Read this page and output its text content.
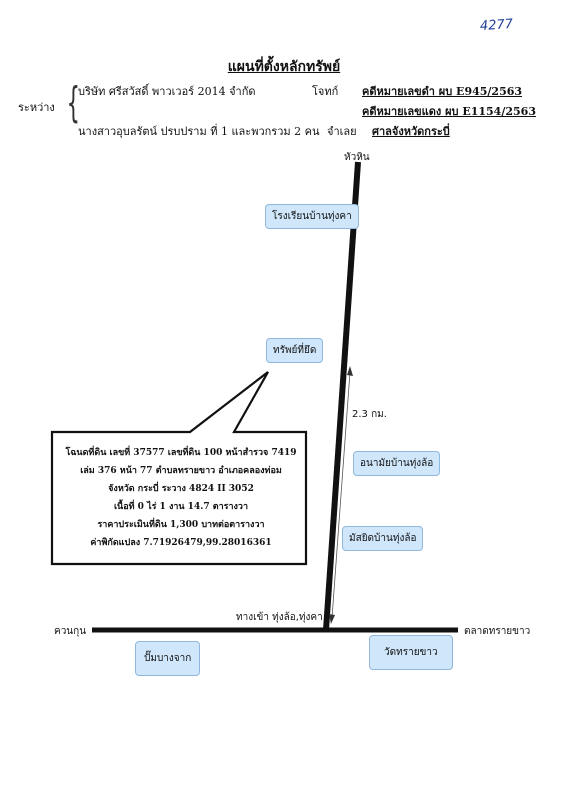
4277
แผนที่ตั้งหลักทรัพย์
ระหว่าง {
บริษัท ศรีสวัสดิ์ พาวเวอร์ 2014 จำกัด	โจทก์ คดีหมายเลขดำ ผบ E945/2563
คดีหมายเลขแดง ผบ E1154/2563
นางสาวอุบลรัตน์ ปรบปราม ที่ 1 และพวกรวม 2 คน จำเลย ศาลจังหวัดกระบี่
หัวหิน
ควนกุน	ตลาดทรายขาว
ทางเข้า ทุ่งล้อ,ทุ่งคา
2.3 กม.
โรงเรียนบ้านทุ่งคา
ทรัพย์ที่ยึด
อนามัยบ้านทุ่งล้อ
มัสยิดบ้านทุ่งล้อ
ปั๊มบางจาก
วัดทรายขาว
โฉนดที่ดิน เลขที่ 37577 เลขที่ดิน 100 หน้าสำรวจ 7419
เล่ม 376 หน้า 77 ตำบลทรายขาว อำเภอคลองท่อม
จังหวัด กระบี่ ระวาง 4824 II 3052
เนื้อที่ 0 ไร่ 1 งาน 14.7 ตารางวา
ราคาประเมินที่ดิน 1,300 บาทต่อตารางวา
ค่าพิกัดแปลง 7.71926479,99.28016361
